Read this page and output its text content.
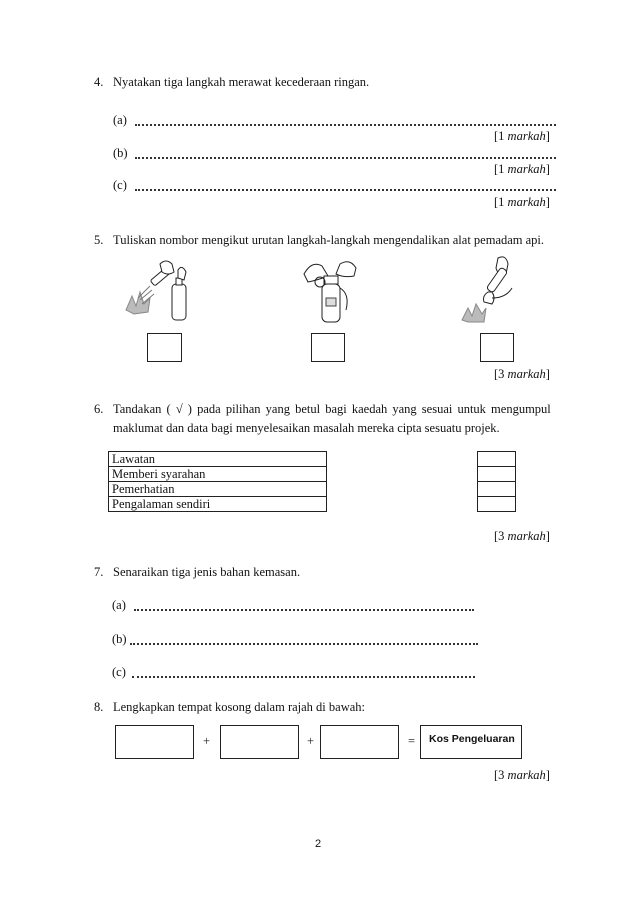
4. Nyatakan tiga langkah merawat kecederaan ringan.
(a)
[1 markah]
(b)
[1 markah]
(c)
[1 markah]
5. Tuliskan nombor mengikut urutan langkah-langkah mengendalikan alat pemadam api.
[3 markah]
6. Tandakan ( √ ) pada pilihan yang betul bagi kaedah yang sesuai untuk mengumpul
maklumat dan data bagi menyelesaikan masalah mereka cipta sesuatu projek.
Lawatan
Memberi syarahan
Pemerhatian
Pengalaman sendiri

[3 markah]
7. Senaraikan tiga jenis bahan kemasan.
(a)
(b)
(c)
8. Lengkapkan tempat kosong dalam rajah di bawah:
+	+	= Kos Pengeluaran
[3 markah]
2
